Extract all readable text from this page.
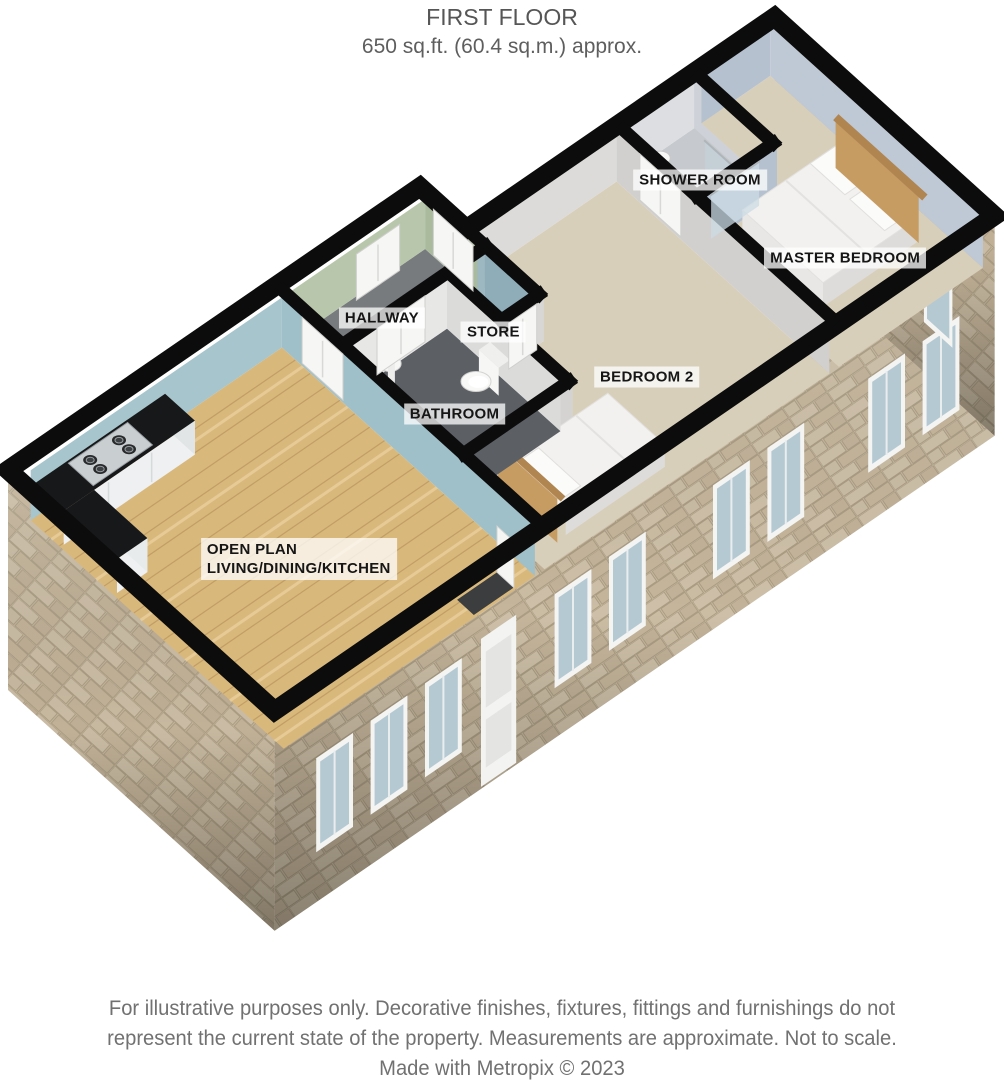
FIRST FLOOR
650 sq.ft. (60.4 sq.m.) approx.
SHOWER ROOM
MASTER BEDROOM
HALLWAY
STORE
BATHROOM
BEDROOM 2
OPEN PLAN
LIVING/DINING/KITCHEN
For illustrative purposes only. Decorative finishes, fixtures, fittings and furnishings do not
represent the current state of the property. Measurements are approximate. Not to scale.
Made with Metropix © 2023
